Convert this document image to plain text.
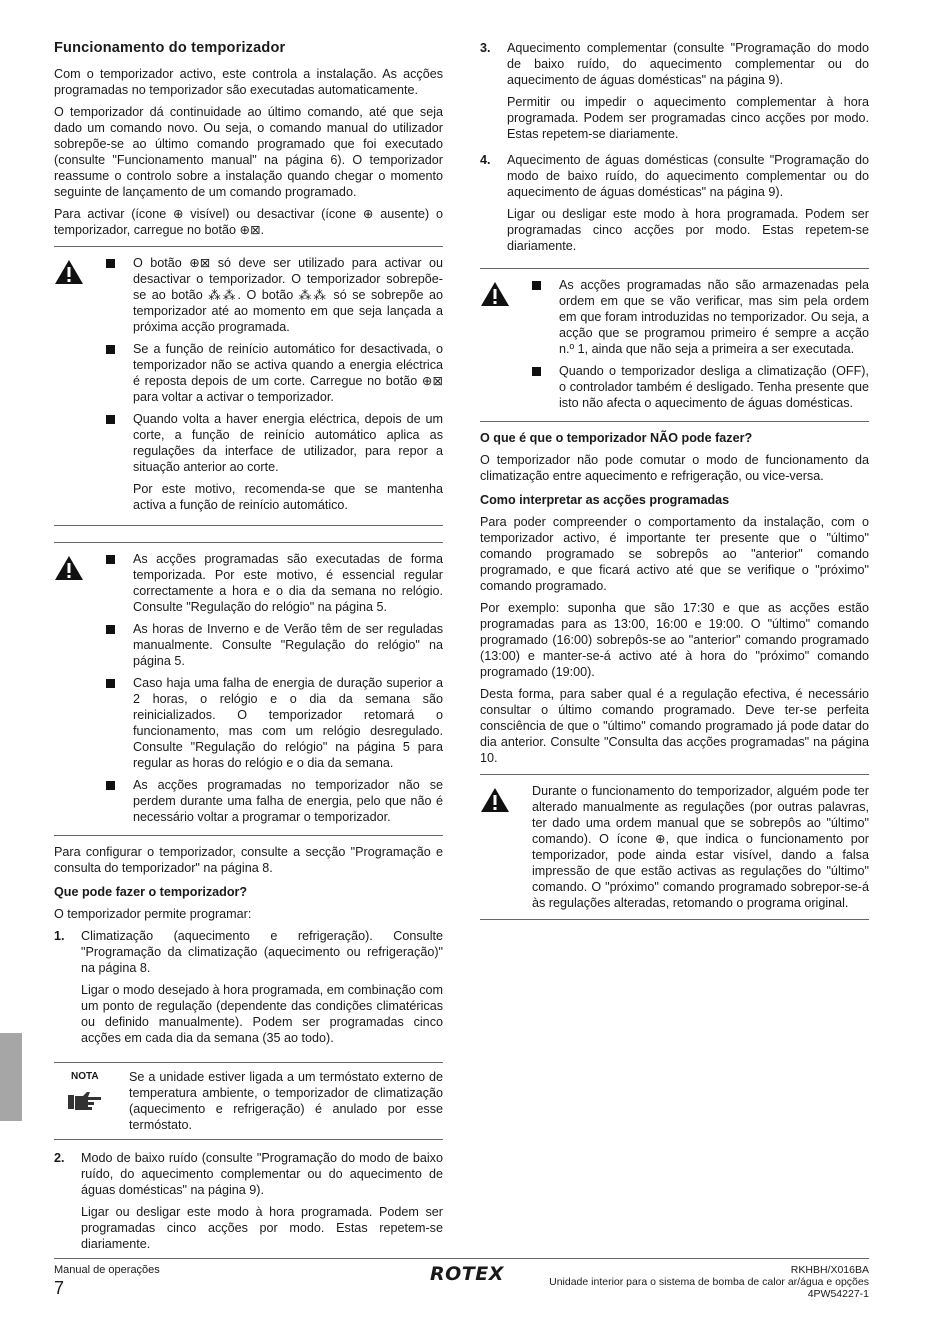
Funcionamento do temporizador

Com o temporizador activo, este controla a instalação. As acções programadas no temporizador são executadas automaticamente.

O temporizador dá continuidade ao último comando, até que seja dado um comando novo. Ou seja, o comando manual do utilizador sobrepõe-se ao último comando programado que foi executado (consulte "Funcionamento manual" na página 6). O temporizador reassume o controlo sobre a instalação quando chegar o momento seguinte de lançamento de um comando programado.

Para activar (ícone ⊕ visível) ou desactivar (ícone ⊕ ausente) o temporizador, carregue no botão ⊕⊠.

O botão ⊕⊠ só deve ser utilizado para activar ou desactivar o temporizador. O temporizador sobrepõe-se ao botão ⁂⁂. O botão ⁂⁂ só se sobrepõe ao temporizador até ao momento em que seja lançada a próxima acção programada.
Se a função de reinício automático for desactivada, o temporizador não se activa quando a energia eléctrica é reposta depois de um corte. Carregue no botão ⊕⊠ para voltar a activar o temporizador.

Quando volta a haver energia eléctrica, depois de um corte, a função de reinício automático aplica as regulações da interface de utilizador, para repor a situação anterior ao corte.

Por este motivo, recomenda-se que se mantenha activa a função de reinício automático.

As acções programadas são executadas de forma temporizada. Por este motivo, é essencial regular correctamente a hora e o dia da semana no relógio. Consulte "Regulação do relógio" na página 5.
As horas de Inverno e de Verão têm de ser reguladas manualmente. Consulte "Regulação do relógio" na página 5.
Caso haja uma falha de energia de duração superior a 2 horas, o relógio e o dia da semana são reinicializados. O temporizador retomará o funcionamento, mas com um relógio desregulado. Consulte "Regulação do relógio" na página 5 para regular as horas do relógio e o dia da semana.
As acções programadas no temporizador não se perdem durante uma falha de energia, pelo que não é necessário voltar a programar o temporizador.

Para configurar o temporizador, consulte a secção "Programação e consulta do temporizador" na página 8.

Que pode fazer o temporizador?

O temporizador permite programar:

1.	Climatização (aquecimento e refrigeração). Consulte "Programação da climatização (aquecimento ou refrigeração)" na página 8.

Ligar o modo desejado à hora programada, em combinação com um ponto de regulação (dependente das condições climatéricas ou definido manualmente). Podem ser programadas cinco acções em cada dia da semana (35 ao todo).

NOTA	Se a unidade estiver ligada a um termóstato externo de temperatura ambiente, o temporizador de climatização (aquecimento e refrigeração) é anulado por esse termóstato.
2.	Modo de baixo ruído (consulte "Programação do modo de baixo ruído, do aquecimento complementar ou do aquecimento de águas domésticas" na página 9).

Ligar ou desligar este modo à hora programada. Podem ser programadas cinco acções por modo. Estas repetem-se diariamente.

3.	Aquecimento complementar (consulte "Programação do modo de baixo ruído, do aquecimento complementar ou do aquecimento de águas domésticas" na página 9).

Permitir ou impedir o aquecimento complementar à hora programada. Podem ser programadas cinco acções por modo. Estas repetem-se diariamente.

4.	Aquecimento de águas domésticas (consulte "Programação do modo de baixo ruído, do aquecimento complementar ou do aquecimento de águas domésticas" na página 9).

Ligar ou desligar este modo à hora programada. Podem ser programadas cinco acções por modo. Estas repetem-se diariamente.

As acções programadas não são armazenadas pela ordem em que se vão verificar, mas sim pela ordem em que foram introduzidas no temporizador. Ou seja, a acção que se programou primeiro é sempre a acção n.º 1, ainda que não seja a primeira a ser executada.
Quando o temporizador desliga a climatização (OFF), o controlador também é desligado. Tenha presente que isto não afecta o aquecimento de águas domésticas.
O que é que o temporizador NÃO pode fazer?

O temporizador não pode comutar o modo de funcionamento da climatização entre aquecimento e refrigeração, ou vice-versa.

Como interpretar as acções programadas

Para poder compreender o comportamento da instalação, com o temporizador activo, é importante ter presente que o "último" comando programado se sobrepôs ao "anterior" comando programado, e que ficará activo até que se verifique o "próximo" comando programado.

Por exemplo: suponha que são 17:30 e que as acções estão programadas para as 13:00, 16:00 e 19:00. O "último" comando programado (16:00) sobrepôs-se ao "anterior" comando programado (13:00) e manter-se-á activo até à hora do "próximo" comando programado (19:00).

Desta forma, para saber qual é a regulação efectiva, é necessário consultar o último comando programado. Deve ter-se perfeita consciência de que o "último" comando programado já pode datar do dia anterior. Consulte "Consulta das acções programadas" na página 10.

Durante o funcionamento do temporizador, alguém pode ter alterado manualmente as regulações (por outras palavras, ter dado uma ordem manual que se sobrepôs ao "último" comando). O ícone ⊕, que indica o funcionamento por temporizador, pode ainda estar visível, dando a falsa impressão de que estão activas as regulações do "último" comando. O "próximo" comando programado sobrepor-se-á às regulações alteradas, retomando o programa original.
Manual de operações
7
ROTEX	RKHBH/X016BA
Unidade interior para o sistema de bomba de calor ar/água e opções
4PW54227-1
